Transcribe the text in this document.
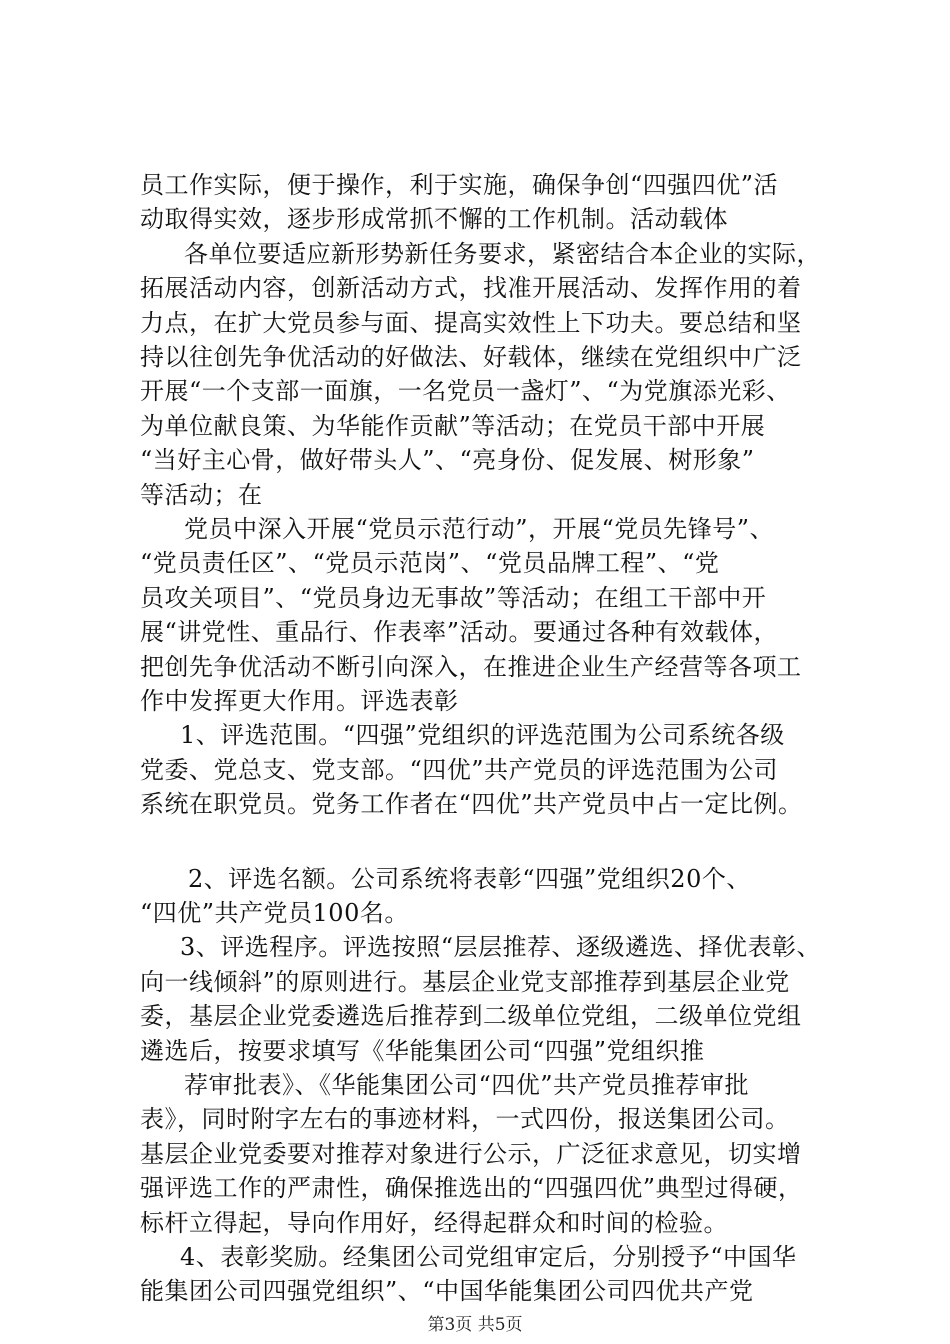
员工作实际，便于操作，利于实施，确保争创“四强四优”活
动取得实效，逐步形成常抓不懈的工作机制。活动载体
各单位要适应新形势新任务要求，紧密结合本企业的实际，
拓展活动内容，创新活动方式，找准开展活动、发挥作用的着
力点，在扩大党员参与面、提高实效性上下功夫。要总结和坚
持以往创先争优活动的好做法、好载体，继续在党组织中广泛
开展“一个支部一面旗，一名党员一盏灯”、“为党旗添光彩、
为单位献良策、为华能作贡献”等活动；在党员干部中开展
“当好主心骨，做好带头人”、“亮身份、促发展、树形象”
等活动；在
党员中深入开展“党员示范行动”，开展“党员先锋号”、
“党员责任区”、“党员示范岗”、“党员品牌工程”、“党
员攻关项目”、“党员身边无事故”等活动；在组工干部中开
展“讲党性、重品行、作表率”活动。要通过各种有效载体，
把创先争优活动不断引向深入，在推进企业生产经营等各项工
作中发挥更大作用。评选表彰
1、评选范围。“四强”党组织的评选范围为公司系统各级
党委、党总支、党支部。“四优”共产党员的评选范围为公司
系统在职党员。党务工作者在“四优”共产党员中占一定比例。
2、评选名额。公司系统将表彰“四强”党组织20个、
“四优”共产党员100名。
3、评选程序。评选按照“层层推荐、逐级遴选、择优表彰、
向一线倾斜”的原则进行。基层企业党支部推荐到基层企业党
委，基层企业党委遴选后推荐到二级单位党组，二级单位党组
遴选后，按要求填写《华能集团公司“四强”党组织推
荐审批表》、《华能集团公司“四优”共产党员推荐审批
表》，同时附字左右的事迹材料，一式四份，报送集团公司。
基层企业党委要对推荐对象进行公示，广泛征求意见，切实增
强评选工作的严肃性，确保推选出的“四强四优”典型过得硬，
标杆立得起，导向作用好，经得起群众和时间的检验。
4、表彰奖励。经集团公司党组审定后，分别授予“中国华
能集团公司四强党组织”、“中国华能集团公司四优共产党
第3页 共5页
